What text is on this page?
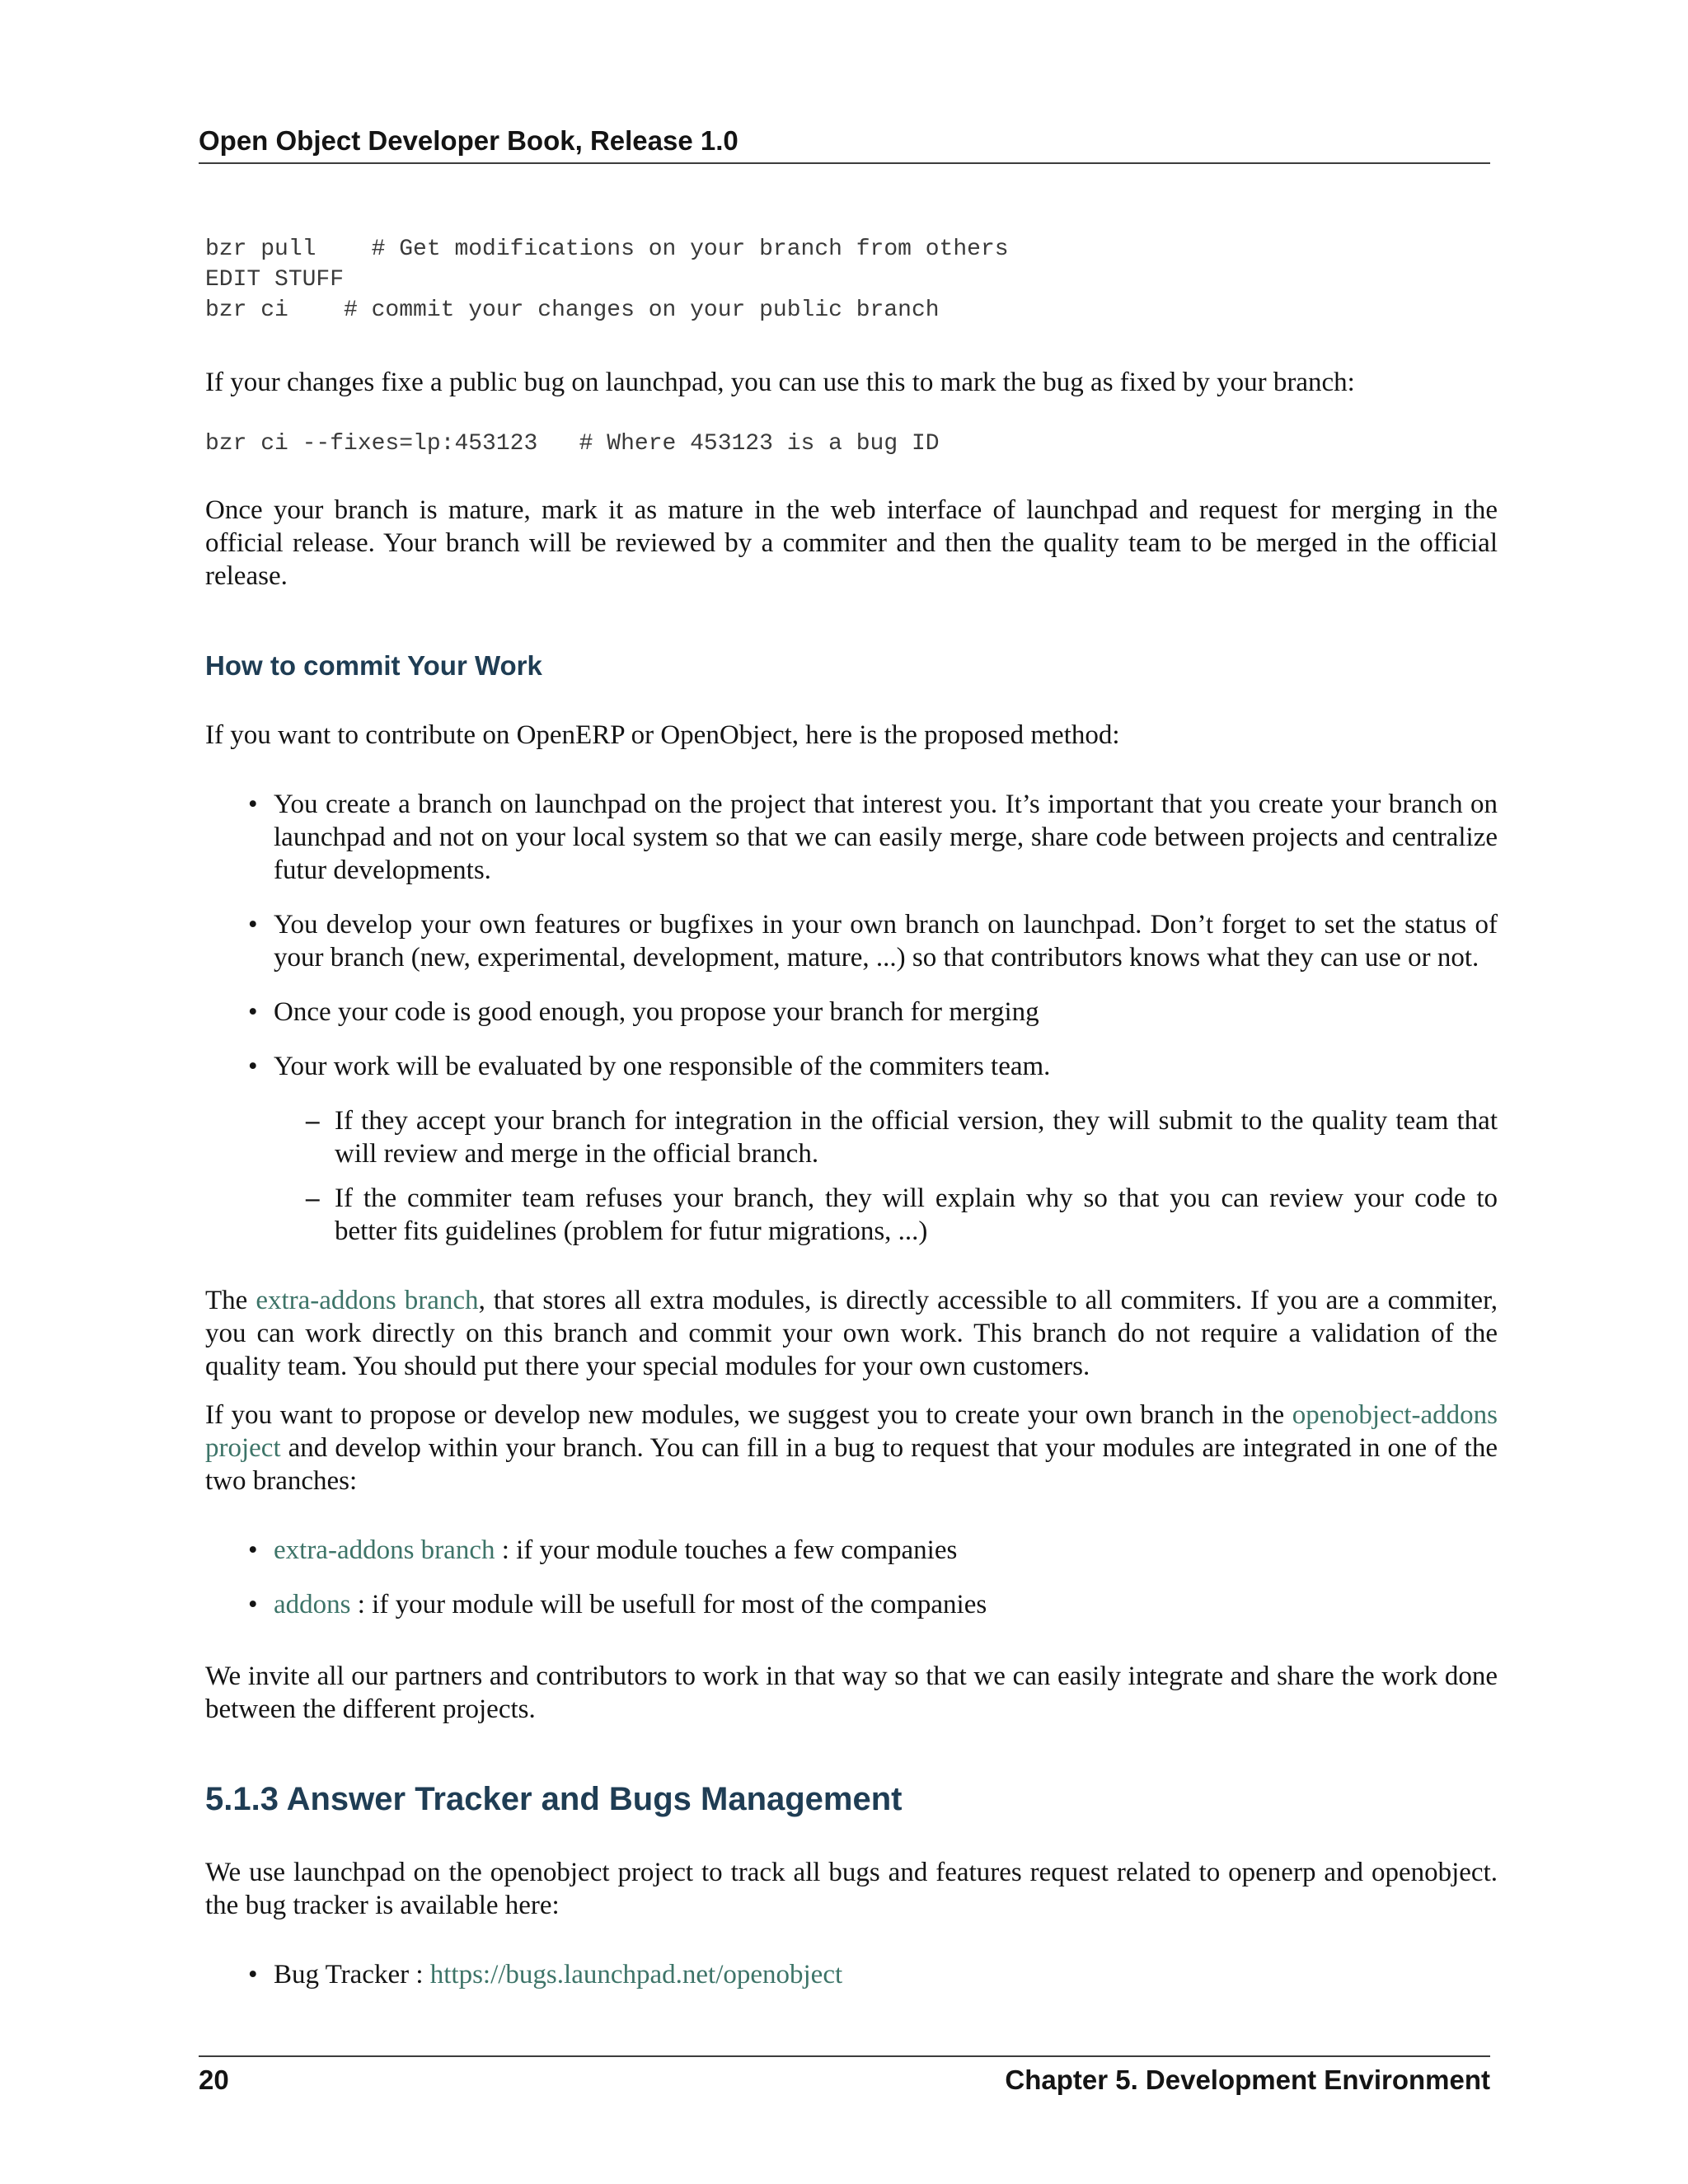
Open Object Developer Book, Release 1.0
bzr pull    # Get modifications on your branch from others
EDIT STUFF
bzr ci    # commit your changes on your public branch

If your changes fixe a public bug on launchpad, you can use this to mark the bug as fixed by your branch:

bzr ci --fixes=lp:453123   # Where 453123 is a bug ID

Once your branch is mature, mark it as mature in the web interface of launchpad and request for merging in the official release. Your branch will be reviewed by a commiter and then the quality team to be merged in the official release.

How to commit Your Work

If you want to contribute on OpenERP or OpenObject, here is the proposed method:

• You create a branch on launchpad on the project that interest you. It’s important that you create your branch on launchpad and not on your local system so that we can easily merge, share code between projects and centralize futur developments.
• You develop your own features or bugfixes in your own branch on launchpad. Don’t forget to set the status of your branch (new, experimental, development, mature, ...) so that contributors knows what they can use or not.
• Once your code is good enough, you propose your branch for merging
• Your work will be evaluated by one responsible of the commiters team.
– If they accept your branch for integration in the official version, they will submit to the quality team that will review and merge in the official branch.
– If the commiter team refuses your branch, they will explain why so that you can review your code to better fits guidelines (problem for futur migrations, ...)

The extra-addons branch, that stores all extra modules, is directly accessible to all commiters. If you are a commiter, you can work directly on this branch and commit your own work. This branch do not require a validation of the quality team. You should put there your special modules for your own customers.

If you want to propose or develop new modules, we suggest you to create your own branch in the openobject-addons project and develop within your branch. You can fill in a bug to request that your modules are integrated in one of the two branches:

• extra-addons branch : if your module touches a few companies
• addons : if your module will be usefull for most of the companies

We invite all our partners and contributors to work in that way so that we can easily integrate and share the work done between the different projects.

5.1.3 Answer Tracker and Bugs Management

We use launchpad on the openobject project to track all bugs and features request related to openerp and openobject. the bug tracker is available here:

• Bug Tracker : https://bugs.launchpad.net/openobject
20	Chapter 5. Development Environment
